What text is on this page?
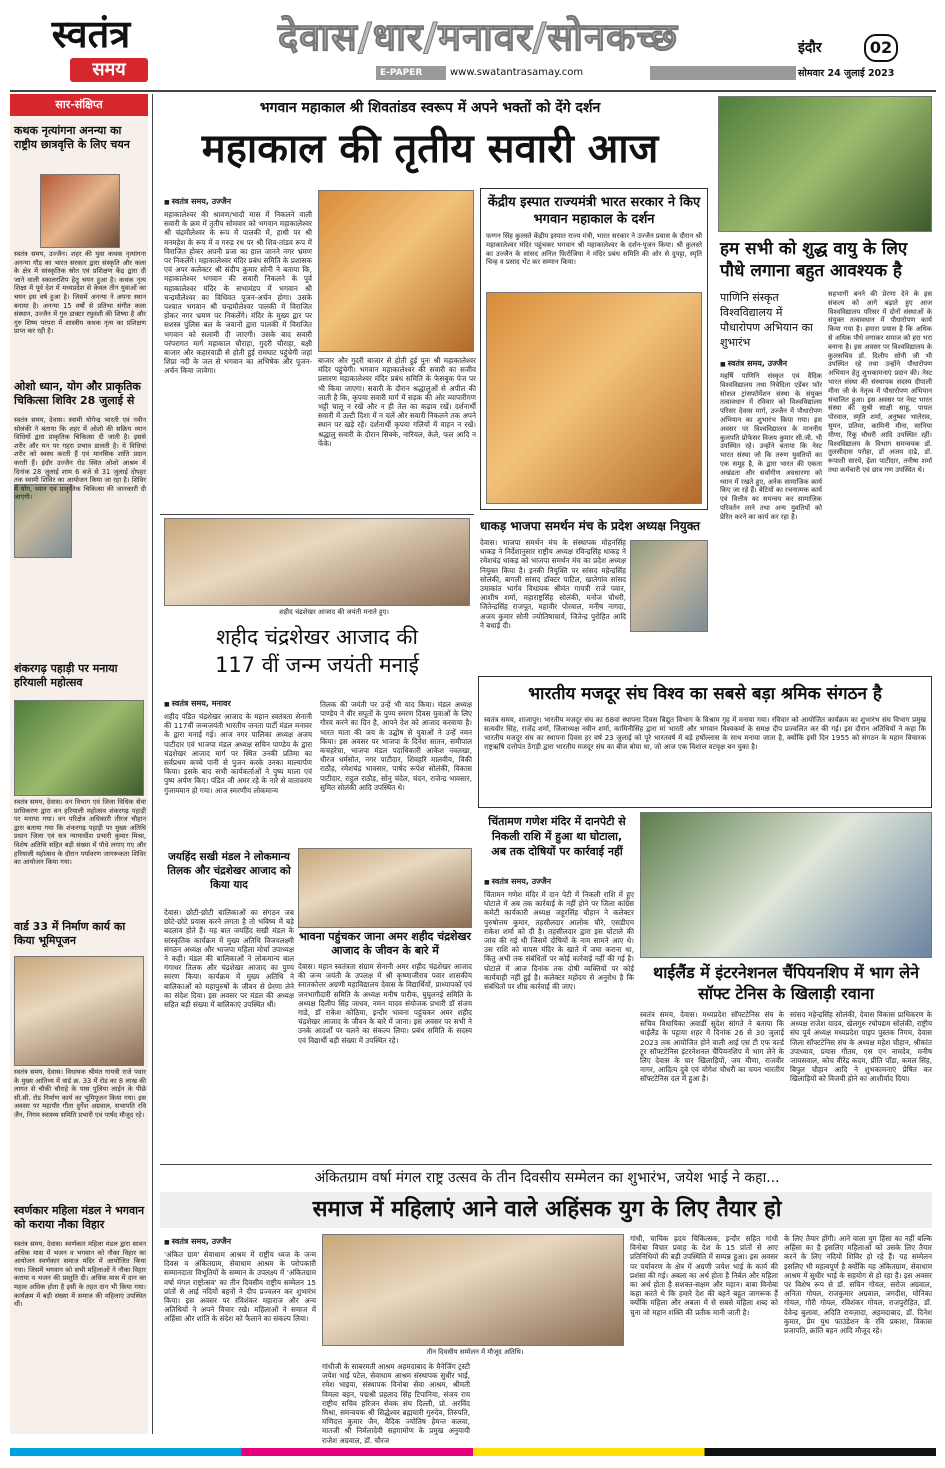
स्वतंत्र
समय
देवास/धार/मनावर/सोनकच्छ
E-PAPER	www.swatantrasamay.com
इंदौर	02
सोमवार 24 जुलाई 2023
सार-संक्षिप्त
कथक नृत्यांगना अनन्या का राष्ट्रीय छात्रवृत्ति के लिए चयन
स्वतंत्र समय, उज्जैन। शहर की युवा कथक नृत्यांगना अनन्या गौड़ का भारत सरकार द्वारा संस्कृति और कला के क्षेत्र में सांस्कृतिक स्रोत एवं प्रशिक्षण केंद्र द्वारा दी जाने वाली स्कालरशिप हेतु चयन हुआ है। कथक नृत्य शिक्षा में पूर्व देश में मध्यप्रदेश से केवल तीन युवाओं का चयन इस वर्ष हुआ है। जिसमें अनन्या ने अपना स्थान बनाया है। अनन्या 15 वर्षों से प्रतिभा संगीत कला संस्थान, उज्जैन में गुरु डाक्टर रघुवंशी की शिष्या है और गुरु शिष्य परंपरा में शास्त्रीय कथक नृत्य का प्रशिक्षण प्राप्त कर रही है।
ओशो ध्यान, योग और प्राकृतिक चिकित्सा शिविर 28 जुलाई से
स्वतंत्र समय, देवास। स्वामी योगेन्द्र भारती एवं नवीन सोलंकी ने बताया कि शहर में ओशो की सक्रिय ध्यान विधियों द्वारा प्राकृतिक चिकित्सा दी जाती है। इससे शरीर और मन पर गहरा प्रभाव डालती है। ये विधियां शरीर को स्वस्थ करती हैं एवं मानसिक शांति प्रदान करती हैं। इंदौर उज्जैन रोड स्थित ओशो आश्रम में दिनांक 28 जुलाई शाम 6 बजे से 31 जुलाई दोपहर तक स्वामी शिविर का आयोजन किया जा रहा है। शिविर में योग, ध्यान एवं प्राकृतिक चिकित्सा की जानकारी दी जाएगी।
शंकरगढ़ पहाड़ी पर मनाया हरियाली महोत्सव
स्वतंत्र समय, देवास। वन विभाग एवं जिला विधिक सेवा प्राधिकरण द्वारा वन हरियाली महोत्सव शंकरगढ़ पहाड़ी पर मनाया गया। वन परिक्षेत्र अधिकारी तीरज चौहान द्वारा बताया गया कि शंकरगढ़ पहाड़ी पर मुख्य अतिथि प्रधान जिला एवं सत्र न्यायाधीश प्रभारी कुमार मिश्रा, विशेष अतिथि सहित बड़ी संख्या में पौधे लगाए गए और हरियाली महोत्सव के दौरान पर्यावरण जागरूकता शिविर का आयोजन किया गया।
वार्ड 33 में निर्माण कार्य का किया भूमिपूजन
स्वतंत्र समय, देवास। विधायक श्रीमंत गायत्री राजे पवार के मुख्य आतिथ्य में वार्ड क्र. 33 में रोड का 8 लाख की लागत से चौकी चौराहे के पास पुलिया लाईन के पीछे सी.सी. रोड निर्माण कार्य का भूमिपूजन किया गया। इस अवसर पर महापौर गीता दुर्गेश अग्रवाल, सभापति रवि जैन, निगम स्वास्थ्य समिति प्रभारी एवं पार्षद मौजूद रहे।
स्वर्णकार महिला मंडल ने भगवान को कराया नौका विहार
स्वतंत्र समय, देवास। स्वर्णकार महिला मंडल द्वारा सावन अधिक मास में भजन व भगवान को नौका विहार का आयोजन स्वर्णकार समाज मंदिर में आयोजित किया गया। जिसमें भगवान को सभी महिलाओं ने नौका विहार कराया व भजन की प्रस्तुति दी। अधिक मास में दान का महत्व अधिक होता है इसी के तहत दान भी किया गया। कार्यक्रम में बड़ी संख्या में समाज की महिलाएं उपस्थित थीं।
भगवान महाकाल श्री शिवतांडव स्वरूप में अपने भक्तों को देंगे दर्शन
महाकाल की तृतीय सवारी आज
■ स्वतंत्र समय, उज्जैन
महाकालेश्वर की श्रावण/भादौ मास में निकलने वाली सवारी के क्रम में तृतीय सोमवार को भगवान महाकालेश्वर श्री चंद्रमौलेश्वर के रूप में पालकी में, हाथी पर श्री मनमहेश के रूप में व गरुड़ रथ पर श्री शिव-तांडव रूप में विराजित होकर अपनी प्रजा का हाल जानने नगर भ्रमण पर निकलेंगे। महाकालेश्वर मंदिर प्रबंध समिति के प्रशासक एवं अपर कलेक्टर श्री संदीप कुमार सोनी ने बताया कि, महाकालेश्वर भगवान की सवारी निकलने के पूर्व महाकालेश्वर मंदिर के सभामंडप में भगवान श्री चन्द्रमौलेश्वर का विधिवत पूजन-अर्चन होगा। उसके पश्चात भगवान श्री चन्द्रमौलेश्वर पालकी में विराजित होकर नगर भ्रमण पर निकलेंगे। मंदिर के मुख्य द्वार पर सशस्त्र पुलिस बल के जवानों द्वारा पालकी में विराजित भगवान को सलामी दी जाएगी। उसके बाद सवारी परंपरागत मार्ग महाकाल चौराहा, गुदरी चौराहा, बक्षी बाजार और कहारवाडी से होती हुई रामघाट पहुंचेगी जहां शिप्रा नदी के जल से भगवान का अभिषेक और पूजन-अर्चन किया जावेगा।
बाजार और गुदरी बाजार से होती हुई पुनः श्री महाकालेश्वर मंदिर पहुंचेगी। भगवान महाकालेश्वर की सवारी का सजीव प्रसारण महाकालेश्वर मंदिर प्रबंध समिति के फेसबुक पेज पर भी किया जाएगा। सवारी के दौरान श्रद्धालुओं से अपील की जाती है कि, कृपया सवारी मार्ग में सड़क की ओर व्यापारीगण भट्टी चालू न रखें और न ही तेल का कढ़ाव रखें। दर्शनार्थी सवारी में उल्टी दिशा में न चलें और सवारी निकलने तक अपने स्थान पर खड़े रहें। दर्शनार्थी कृपया गलियों में वाहन न रखें। श्रद्धालु सवारी के दौरान सिक्के, नारियल, केले, फल आदि न फेंके।
केंद्रीय इस्पात राज्यमंत्री भारत सरकार ने किए भगवान महाकाल के दर्शन
फग्गन सिंह कुलस्ते केंद्रीय इस्पात राज्य मंत्री, भारत सरकार ने उज्जैन प्रवास के दौरान श्री महाकालेश्वर मंदिर पहुंचकर भगवान श्री महाकालेश्वर के दर्शन-पूजन किया। श्री कुलस्ते का उज्जैन के सांसद अनिल फिरोजिया ने मंदिर प्रबंध समिति की ओर से दुपट्टा, स्मृति चिन्ह व प्रसाद भेंट कर सम्मान किया।
हम सभी को शुद्ध वायु के लिए पौधे लगाना बहुत आवश्यक है
पाणिनि संस्कृत विश्वविद्यालय में पौधारोपण अभियान का शुभारंभ
■ स्वतंत्र समय, उज्जैन
महर्षि पाणिनि संस्कृत एवं वैदिक विश्वविद्यालय तथा निवेदिता एडेंबर फॉर सोशल ट्रांसफॉर्मेशन संस्था के संयुक्त तत्वावधान में रविवार को विश्वविद्यालय परिसर देवास मार्ग, उज्जैन में पौधारोपण अभियान का शुभारंभ किया गया। इस अवसर पर विश्वविद्यालय के माननीय कुलपति प्रोफेसर विजय कुमार सी.जी. भी उपस्थित रहे। उन्होंने बताया कि नेस्ट भारत संस्था जो कि तरुण युवतियों का एक समूह है, के द्वारा भारत की एकता अखंडता और सर्वांगीण अवधारणा को ध्यान में रखते हुए, अनेक सामाजिक कार्य किए जा रहे हैं। बेटियों का रचनात्मक कार्य एवं वित्तीय का समन्वय कर सामाजिक परिवर्तन लाने तथा अन्य युवतियों को प्रेरित करने का कार्य कर रहा है।
सहभागी बनने की प्रेरणा देने के इस संकल्प को आगे बढ़ाते हुए आज विश्वविद्यालय परिसर में दोनों संस्थाओं के संयुक्त तत्वावधान में पौधारोपण कार्य किया गया है। हमारा प्रयास है कि अधिक से अधिक पौधे लगाकर समाज को हरा भरा बनाना है। इस अवसर पर विश्वविद्यालय के कुलसचिव डॉ. दिलीप सोनी जी भी उपस्थित रहे तथा उन्होंने पौधारोपण अभियान हेतु शुभकामनाएं प्रदान की। नेस्ट भारत संस्था की संस्थापक सदस्य दीपाली मीना जी के नेतृत्व में पौधारोपण अभियान संचालित हुआ। इस अवसर पर नेस्ट भारत संस्था की सुश्री साक्षी साहू, पायल पोरवाल, स्मृति शर्मा, अनुष्का भालेराव, सुमन, प्रतिमा, कामिनी मीना, सानिया मीणा, रिंकू चौधरी आदि उपस्थित रहीं। विश्वविद्यालय के विभाग समन्वयक डॉ. तुलसीदास परोहा, डॉ अजय दाढे, डॉ. रूपाली सारये, ईशा पाटीदार, तनीषा शर्मा तथा कर्मचारी एवं छात्र गण उपस्थित थे।
शहीद चंद्रशेखर आजाद की जयंती मनाते हुए।
शहीद चंद्रशेखर आजाद की
117 वीं जन्म जयंती मनाई
■ स्वतंत्र समय, मनावर
शहीद पंडित चंद्रशेखर आजाद के महान स्वतंत्रता सेनानी की 117वीं जन्मजयंती भारतीय जनता पार्टी मंडल मनावर के द्वारा मनाई गई। आज नगर पालिका अध्यक्ष अजय पाटीदार एवं भाजपा मंडल अध्यक्ष सचिन पाण्डेय के द्वारा चंद्रशेखर आजाद मार्ग पर स्थित उनकी प्रतिमा का सर्वप्रथम कच्चे पानी से पुजन करके उनका माल्यार्पण किया। इसके बाद सभी कार्यकर्ताओं ने पुष्प माला एवं पुष्प अर्पण किए। पंडित जी अमर रहे के नारे से वातावरण गुंजायमान हो गया। आज स्मरणीय लोकमान्य
तिलक की जयंती पर उन्हें भी याद किया। मंडल अध्यक्ष पाण्डेय ने वीर सपूतों के पुण्य स्मरण दिवस युवाओं के लिए गौरव करने का दिन है, आपने देश को आजाद करवाया है। भारत माता की जय के उद्घोष से युवाओं ने उन्हें नमन किया। इस अवसर पर भाजपा के दिनेश सातन, समीपाल कचहरेचा, भाजपा मंडल पदाधिकारी आकेश नवलखा, धीरज धर्मसोत, नगर पाटीदार, शिवहरि मालवीय, विकी राठौड़, रमेशचंद्र भावसार, पार्षद रूपेश सोलंकी, विकास पाटीदार, राहुल राठौड़, सोनु चंदेल, चंदन, राजेन्द्र भावसार, सुमित सोलंकी आदि उपस्थित थे।
जयहिंद सखी मंडल ने लोकमान्य तिलक और चंद्रशेखर आजाद को किया याद
देवास। छोटी-छोटी बालिकाओं का संगठन जब छोटे-छोटे प्रयास करने लगता है तो भविष्य में बड़े बदलाव होते हैं। यह बात जयहिंद सखी मंडल के सांस्कृतिक कार्यक्रम में मुख्य अतिथि विजयलक्ष्मी संगठन अध्यक्ष और भाजपा महिला मोर्चा उपाध्यक्ष ने कही। मंडल की बालिकाओं ने लोकमान्य बाल गंगाधर तिलक और चंद्रशेखर आजाद का पुण्य स्मरण किया। कार्यक्रम में मुख्य अतिथि ने बालिकाओं को महापुरुषों के जीवन से प्रेरणा लेने का संदेश दिया। इस अवसर पर मंडल की अध्यक्ष सहित बड़ी संख्या में बालिकाएं उपस्थित थीं।
भावना पहुंचकर जाना अमर शहीद चंद्रशेखर आजाद के जीवन के बारे में
देवास। महान स्वतंत्रता संग्राम सेनानी अमर शहीद चंद्रशेखर आजाद की जन्म जयंती के उपलक्ष में श्री कृष्णाजीराव पवार शासकीय स्नातकोत्तर अग्रणी महाविद्यालय देवास के विद्यार्थियों, प्राध्यापकों एवं जनभागीदारी समिति के अध्यक्ष मनीष पारीक, घुघुलनई समिति के अध्यक्ष दिलीप सिंह जाधव, नमन यादव संयोजक प्रभारी डॉ संजय गाडे, डॉ राकेश कोठिया, इन्दौर भावना पहुंचकर अमर शहीद चंद्रशेखर आजाद के जीवन के बारे में जाना। इस अवसर पर सभी ने उनके आदर्शों पर चलने का संकल्प लिया। प्रबंध समिति के सदस्य एवं विद्यार्थी बड़ी संख्या में उपस्थित रहे।
धाकड़ भाजपा समर्थन मंच के प्रदेश अध्यक्ष नियुक्त
देवास। भाजपा समर्थन मंच के संस्थापक मोहनसिंह धाकड़ ने निर्देशानुसार राष्ट्रीय अध्यक्ष रविन्द्रसिंह धाकड़ ने रमेशचंद्र धाकड़ को भाजपा समर्थन मंच का प्रदेश अध्यक्ष नियुक्त किया है। इनकी नियुक्ति पर सांसद महेन्द्रसिंह सोलंकी, बागली सांसद डॉक्टर पाटिल, खातेगांव सांसद उमाकांत भार्गव विधायक श्रीमंत गायत्री राजे पवार, आशीष शर्मा, महाराष्ट्रसिंह सोलंकी, मनोज चौधरी, जितेन्द्रसिंह राजपूत, महावीर पोरवाल, मनीष नागदा, अजय कुमार सोनी ज्योतिषाचार्य, जितेन्द्र पुरोहित आदि ने बधाई दी।
भारतीय मजदूर संघ विश्व का सबसे बड़ा श्रमिक संगठन है
स्वतंत्र समय, शाजापुर। भारतीय मजदूर संघ का 68वां स्थापना दिवस बिद्युत विभाग के विश्राम गृह में मनाया गया। रविवार को आयोजित कार्यक्रम का शुभारंभ संघ विभाग प्रमुख सत्यवीर सिंह, राजेंद्र शर्मा, जिलाध्यक्ष नवीन शर्मा, कामिनीसिंह द्वारा मां भारती और भगवान विश्वकर्मा के समक्ष दीप प्रज्वलित कर की गई। इस दौरान अतिथियों ने कहा कि भारतीय मजदूर संघ का स्थापना दिवस हर वर्ष 23 जुलाई को पूरे भारतवर्ष में बड़े हर्षोल्लास के साथ मनाया जाता है, क्योंकि इसी दिन 1955 को संगठन के महान विचारक राष्ट्रऋषि दत्तोपंत ठेंगड़ी द्वारा भारतीय मजदूर संघ का बीज बोया था, जो आज एक विशाल वटवृक्ष बन चुका है।
चिंतामण गणेश मंदिर में दानपेटी से निकली राशि में हुआ था घोटाला, अब तक दोषियों पर कार्रवाई नहीं
■ स्वतंत्र समय, उज्जैन
चिंतामन गणेश मंदिर में दान पेटी में निकली राशि में हुए घोटाले में अब तक कार्रवाई के नहीं होने पर जिला कांग्रेस कमेटी कार्यकारी अध्यक्ष जहूरसिंह चौहान ने कलेक्टर पुरुषोत्तम कुमार, तहसीलदार आलोक चौरे, एसडीएम राकेश शर्मा को दी है। तहसीलदार द्वारा इस घोटाले की जांच की गई थी जिसमें दोषियों के नाम सामने आए थे। उस राशि को वापस मंदिर के खाते में जमा कराना था, किंतु अभी तक संबंधितों पर कोई कार्रवाई नहीं की गई है। घोटाले में आज दिनांक तक दोषी व्यक्तियों पर कोई कार्यवाही नहीं हुई है। कलेक्टर महोदय से अनुरोध है कि संबंधितों पर शीघ्र कार्रवाई की जाए।
थाईलैंड में इंटरनेशनल चैंपियनशिप में भाग लेने सॉफ्ट टेनिस के खिलाड़ी रवाना
स्वतंत्र समय, देवास। मध्यप्रदेश सॉफ्टटेनिस संघ के सचिव विधायिका अवार्डी सुदेश सांगते ने बताया कि थाईलैंड के पट्टाया शहर में दिनांक 26 से 30 जुलाई 2023 तक आयोजित होने वाली आई एस टी एफ वर्ल्ड टूर सॉफ्टटेनिस इंटरनेशनल चैंपियनशिप में भाग लेने के लिए देवास के चार खिलाड़ियों, जय मीणा, राजवीर नागर, आदित्य दुबे एवं योगेश चौधरी का चयन भारतीय सॉफ्टटेनिस दल में हुआ है।
सांसद महेन्द्रसिंह सोलंकी, देवास विकास प्राधिकरण के अध्यक्ष राजेश यादव, खेलगुरु रघोपद्यम सोलंकी, राष्ट्रीय संघ पूर्व अध्यक्ष मध्यप्रदेश पाइप पुस्तक निगम, देवास जिला सॉफ्टटेनिस संघ के अध्यक्ष महेश चौहान, श्रीकांत उपाध्याय, प्रयास गौतम, एस एन नामदेव, मनीष जायसवाल, कोच वीरेंद्र कदम, प्रीति पाँडा, कमल सिंह, बिपुल चौहान आदि ने शुभकामनाएं प्रेषित कर खिलाड़ियों को विजयी होने का आशीर्वाद दिया।
अंकितग्राम वर्षा मंगल राष्ट्र उत्सव के तीन दिवसीय सम्मेलन का शुभारंभ, जयेश भाई ने कहा...
समाज में महिलाएं आने वाले अहिंसक युग के लिए तैयार हो
■ स्वतंत्र समय, उज्जैन
'अंकित ग्राम' सेवाधाम आश्रम में राष्ट्रीय ध्वज के जन्म दिवस व अंकितग्राम, सेवाधाम आश्रम के परोपकारी सम्मानदाता विभूतियों के सम्मान के उपलक्ष्य में 'अंकितग्राम वर्षा मंगल राष्ट्रोत्सव' का तीन दिवसीय राष्ट्रीय सम्मेलन 15 प्रांतों से आई नदियों बहनों ने दीप प्रज्वलन कर शुभारंभ किया। इस अवसर पर रविशंकर महाराज और अन्य अतिथियों ने अपने विचार रखे। महिलाओं ने समाज में अहिंसा और शांति के संदेश को फैलाने का संकल्प लिया।
तीन दिवसीय सम्मेलन में मौजूद अतिथि।
गांधीजी के साबरमती आश्रम अहमदाबाद के मैनेजिंग ट्रस्टी जयेश भाई पटेल, सेवाधाम आश्रम संस्थापक सुधीर भाई, रमेश भाइया, संस्थापक विनोबा सेवा आश्रम, श्रीमती विमला बहन, पद्मश्री प्रहलाद सिंह टिपानिया, संजय राय राष्ट्रीय सचिव हरिजन सेवक संघ दिल्ली, प्रो. अरविंद मिश्रा, समन्वयक श्री सिद्धेश्वर ब्रह्मचारी गुरुदेव, तिरुपति, मणिदत्त कुमार जैन, वैदिक ज्योतिष हेमन्त कलवा, मातजी श्री निर्मलादेवी सहगामोण के प्रमुख अनुयायी राजेश अग्रवाल, डॉ. चौरज
गांधी, चाचिक ह्रदय चिकित्सक, इन्दौर सहित गांधी विनोबा विचार प्रवाह के देश के 15 प्रांतों से आए प्रतिनिधियों की बड़ी उपस्थिति में सम्पन्न हुआ। इस अवसर पर पर्यावरण के क्षेत्र में अग्रणी जयेश भाई के कार्य की प्रशंसा की गई। अबला का अर्थ होता है निर्बल और महिला का अर्थ होता है सशक्त-सक्षम और महान। बाबा विनोबा कहा करते थे कि हमारे देश की बहनें बहुत जागरूक हैं क्योंकि महिला और अबला में से सबसे महिला शब्द को चुना जो महान शक्ति की प्रतीक मानी जाती है।
के लिए तैयार होंगी। आने वाला युग हिंसा का नहीं बल्कि अहिंसा का है इसलिए महिलाओं को उसके लिए तैयार करने के लिए नदियों शिविर हो रहे हैं। यह सम्मेलन इसलिए भी महत्वपूर्ण है क्योंकि यह अंकितग्राम, सेवाधाम आश्रम में सुधीर भाई के सहयोग से हो रहा है। इस अवसर पर विशेष रूप से डॉ. सचिन गोयल, सरोज अग्रवाल, अनिता गोयल, राजकुमार अग्रवाल, जगदीश, मोनिका गोयल, गौरी गोयल, रविशंकर गोयल, राजपुरोहित, डॉ. देवेन्द्र बुलावा, अदिति रायज़ादा, अहमदाबाद, डॉ. दिनेश कुमार, प्रेम युथ फाउंडेशन के रवि प्रकाश, विकास प्रजापति, क्रांति बहन आदि मौजूद रहे।
